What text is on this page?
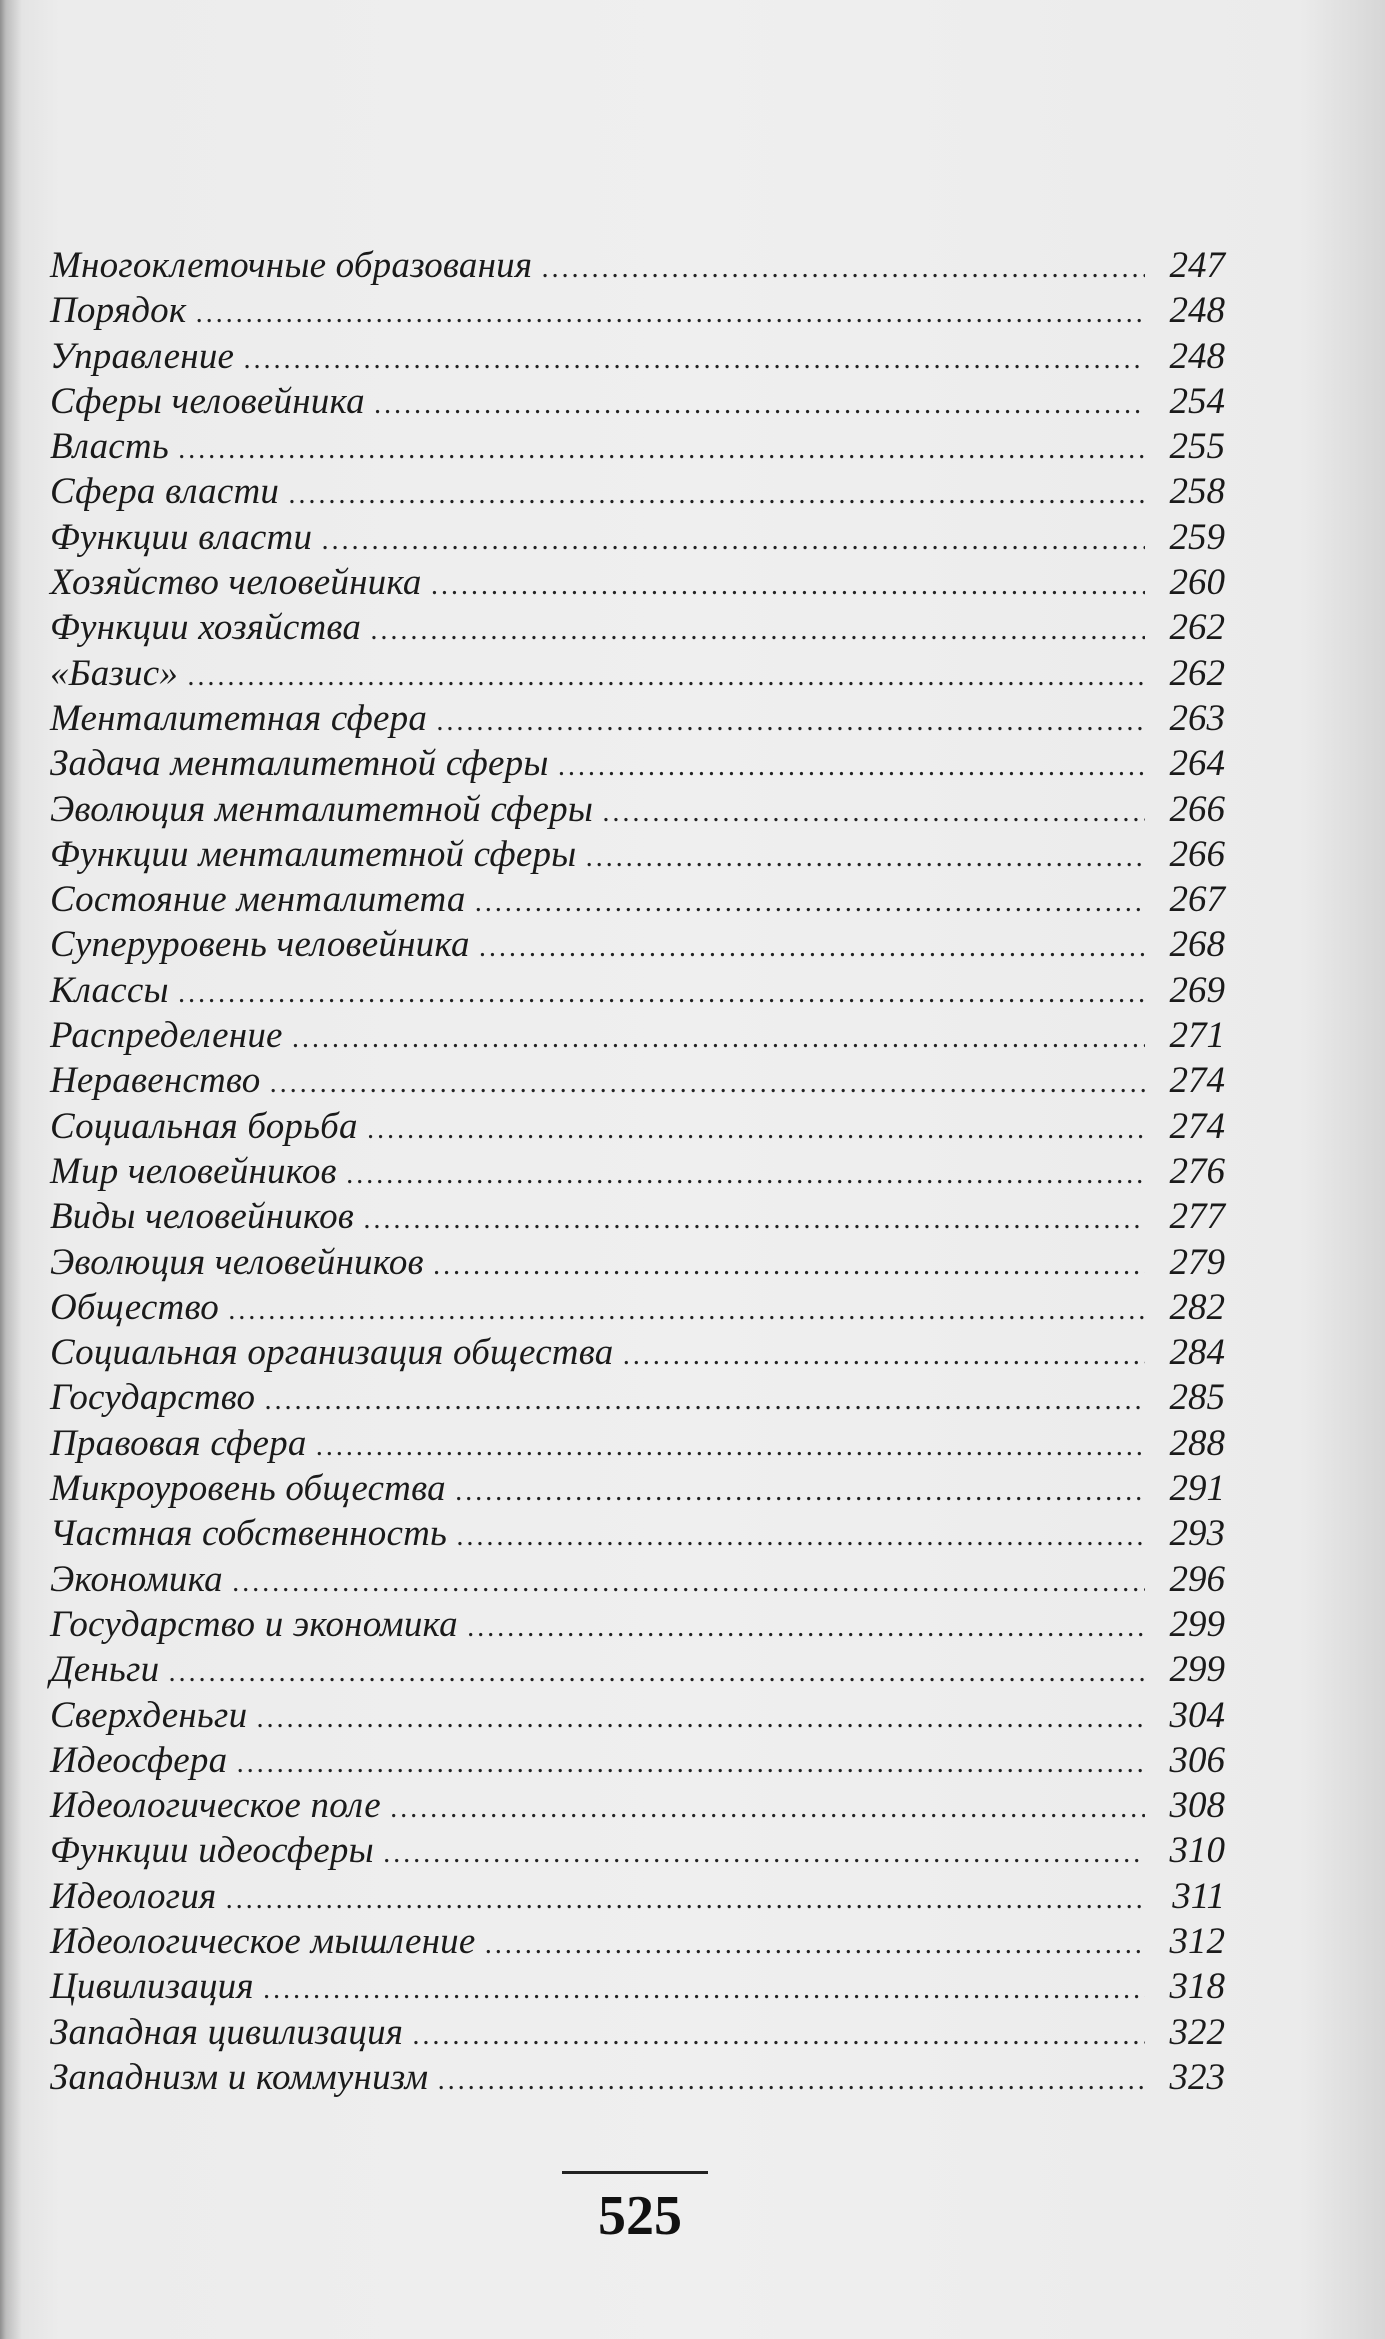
Многоклеточные образования .....	247
Порядок .....	248
Управление .....	248
Сферы человейника .....	254
Власть .....	255
Сфера власти .....	258
Функции власти .....	259
Хозяйство человейника .....	260
Функции хозяйства .....	262
«Базис» .....	262
Менталитетная сфера .....	263
Задача менталитетной сферы .....	264
Эволюция менталитетной сферы .....	266
Функции менталитетной сферы .....	266
Состояние менталитета .....	267
Суперуровень человейника .....	268
Классы .....	269
Распределение .....	271
Неравенство .....	274
Социальная борьба .....	274
Мир человейников .....	276
Виды человейников .....	277
Эволюция человейников .....	279
Общество .....	282
Социальная организация общества .....	284
Государство .....	285
Правовая сфера .....	288
Микроуровень общества .....	291
Частная собственность .....	293
Экономика .....	296
Государство и экономика .....	299
Деньги .....	299
Сверхденьги .....	304
Идеосфера .....	306
Идеологическое поле .....	308
Функции идеосферы .....	310
Идеология .....	311
Идеологическое мышление .....	312
Цивилизация .....	318
Западная цивилизация .....	322
Западнизм и коммунизм .....	323
525
